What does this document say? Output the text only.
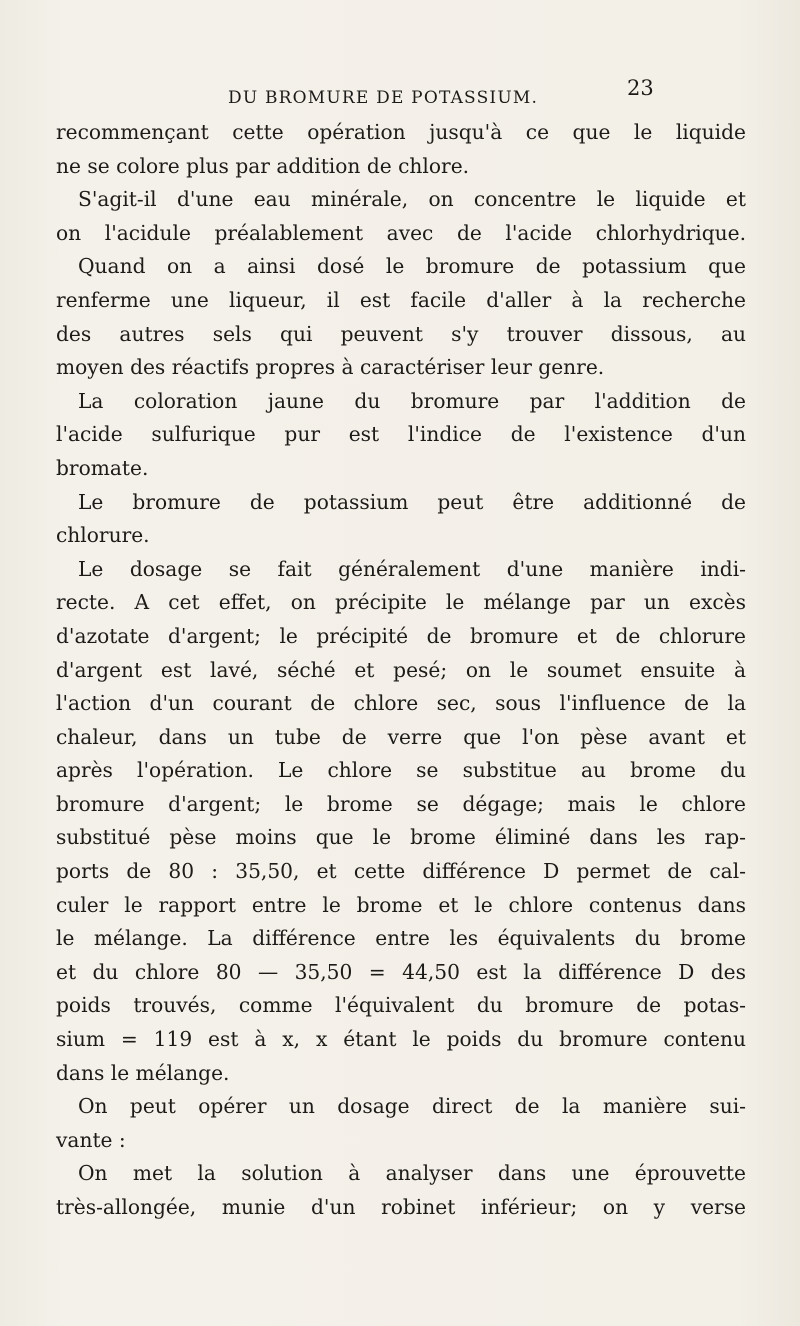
DU BROMURE DE POTASSIUM.	23
recommençant cette opération jusqu'à ce que le liquide
ne se colore plus par addition de chlore.
S'agit-il d'une eau minérale, on concentre le liquide et
on l'acidule préalablement avec de l'acide chlorhydrique.
Quand on a ainsi dosé le bromure de potassium que
renferme une liqueur, il est facile d'aller à la recherche
des autres sels qui peuvent s'y trouver dissous, au
moyen des réactifs propres à caractériser leur genre.
La coloration jaune du bromure par l'addition de
l'acide sulfurique pur est l'indice de l'existence d'un
bromate.
Le bromure de potassium peut être additionné de
chlorure.
Le dosage se fait généralement d'une manière indi-
recte. A cet effet, on précipite le mélange par un excès
d'azotate d'argent; le précipité de bromure et de chlorure
d'argent est lavé, séché et pesé; on le soumet ensuite à
l'action d'un courant de chlore sec, sous l'influence de la
chaleur, dans un tube de verre que l'on pèse avant et
après l'opération. Le chlore se substitue au brome du
bromure d'argent; le brome se dégage; mais le chlore
substitué pèse moins que le brome éliminé dans les rap-
ports de 80 : 35,50, et cette différence D permet de cal-
culer le rapport entre le brome et le chlore contenus dans
le mélange. La différence entre les équivalents du brome
et du chlore 80 — 35,50 = 44,50 est la différence D des
poids trouvés, comme l'équivalent du bromure de potas-
sium = 119 est à x, x étant le poids du bromure contenu
dans le mélange.
On peut opérer un dosage direct de la manière sui-
vante :
On met la solution à analyser dans une éprouvette
très-allongée, munie d'un robinet inférieur; on y verse
